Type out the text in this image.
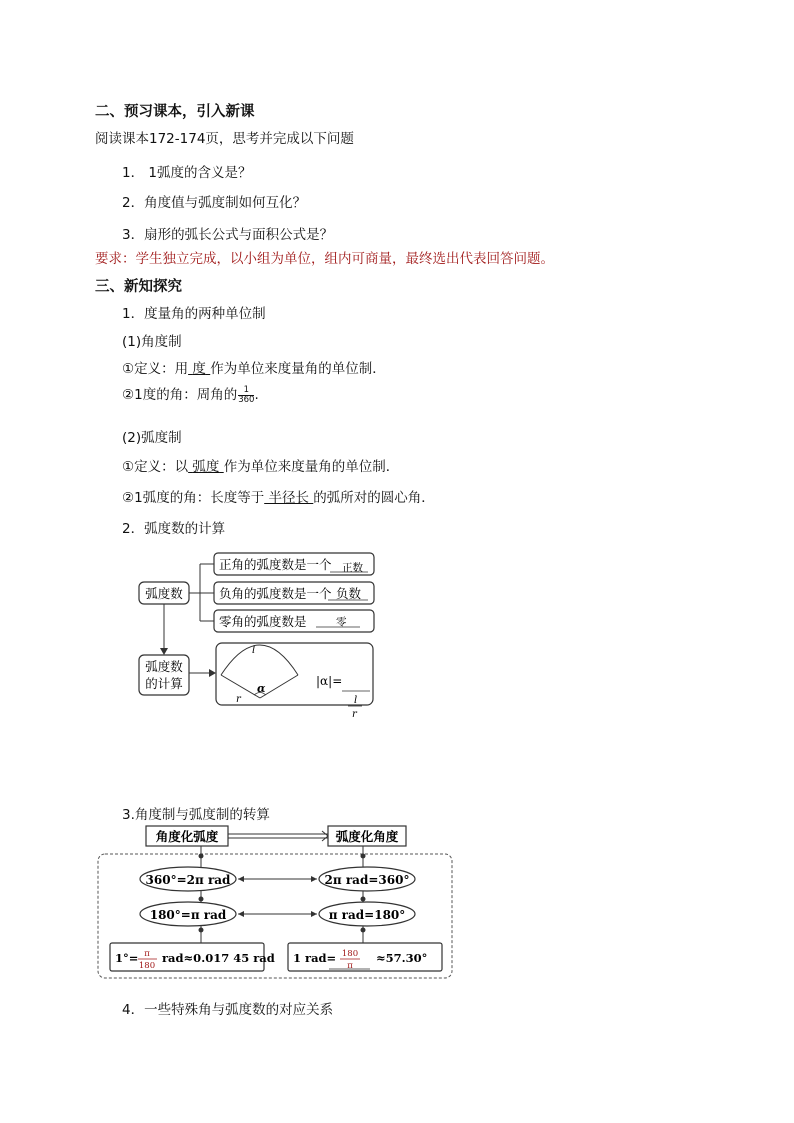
二、预习课本，引入新课
阅读课本172-174页，思考并完成以下问题
1． 1弧度的含义是？
2．角度值与弧度制如何互化？
3．扇形的弧长公式与面积公式是？
要求：学生独立完成，以小组为单位，组内可商量，最终选出代表回答问题。
三、新知探究
1．度量角的两种单位制
(1)角度制
①定义：用 度 作为单位来度量角的单位制．
②1度的角：周角的 $\frac{1}{360}$ .
(2)弧度制
①定义：以 弧度 作为单位来度量角的单位制．
②1弧度的角：长度等于 半径长 的弧所对的圆心角．
2．弧度数的计算
弧度数
正角的弧度数是一个 正数
负角的弧度数是一个 负数
零角的弧度数是	零
弧度数
的计算
l
α
r
|α|=
l
r
3.角度制与弧度制的转算
角度化弧度	弧度化角度
360°=2π rad	2π rad=360°
180°=π rad	π rad=180°
1°= π
180
rad≈0.017 45 rad 1 rad= 180
π
≈57.30°
4．一些特殊角与弧度数的对应关系
